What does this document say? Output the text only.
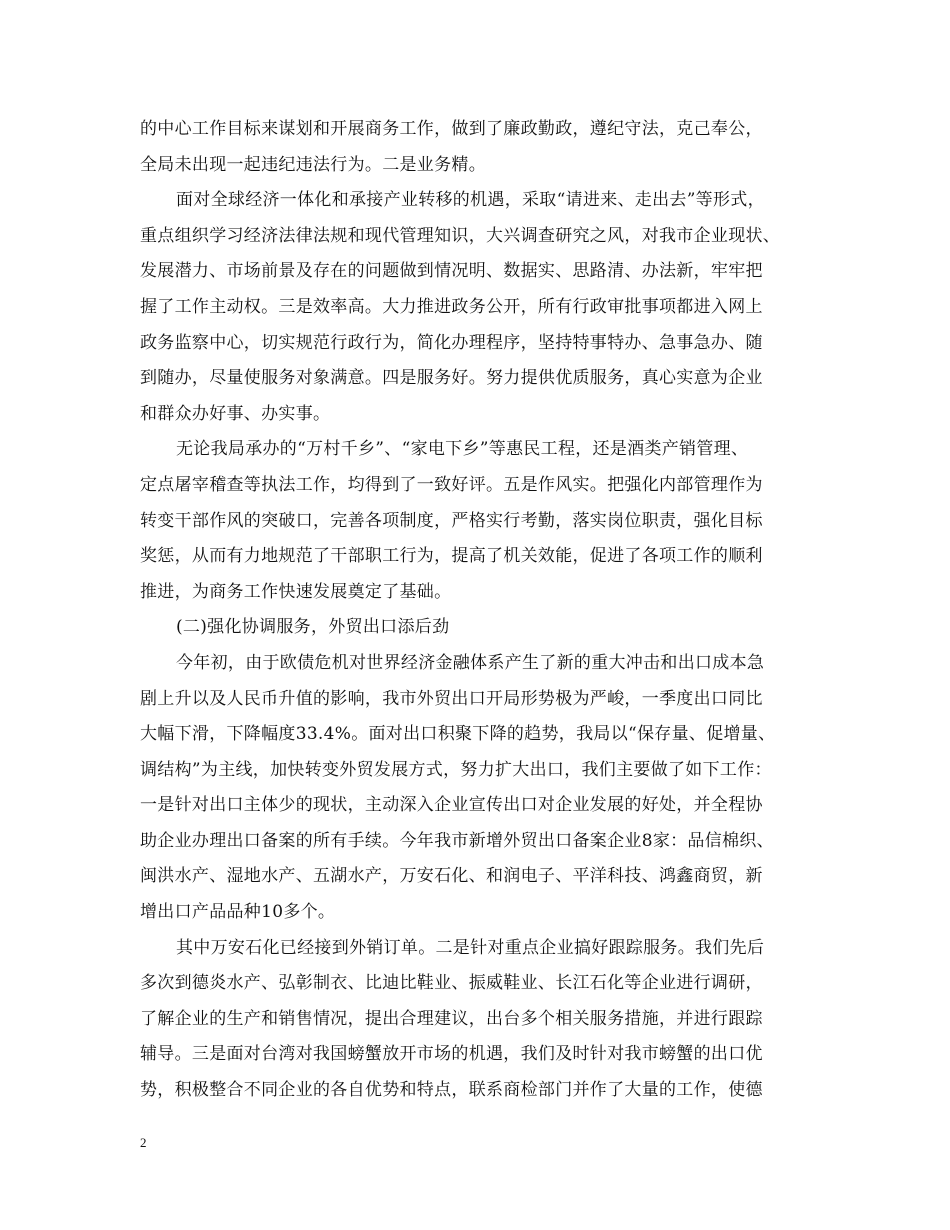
的中心工作目标来谋划和开展商务工作，做到了廉政勤政，遵纪守法，克己奉公，
全局未出现一起违纪违法行为。二是业务精。
面对全球经济一体化和承接产业转移的机遇，采取“请进来、走出去”等形式，
重点组织学习经济法律法规和现代管理知识，大兴调查研究之风，对我市企业现状、
发展潜力、市场前景及存在的问题做到情况明、数据实、思路清、办法新，牢牢把
握了工作主动权。三是效率高。大力推进政务公开，所有行政审批事项都进入网上
政务监察中心，切实规范行政行为，简化办理程序，坚持特事特办、急事急办、随
到随办，尽量使服务对象满意。四是服务好。努力提供优质服务，真心实意为企业
和群众办好事、办实事。
无论我局承办的“万村千乡”、“家电下乡”等惠民工程，还是酒类产销管理、
定点屠宰稽查等执法工作，均得到了一致好评。五是作风实。把强化内部管理作为
转变干部作风的突破口，完善各项制度，严格实行考勤，落实岗位职责，强化目标
奖惩，从而有力地规范了干部职工行为，提高了机关效能，促进了各项工作的顺利
推进，为商务工作快速发展奠定了基础。
(二)强化协调服务，外贸出口添后劲
今年初，由于欧债危机对世界经济金融体系产生了新的重大冲击和出口成本急
剧上升以及人民币升值的影响，我市外贸出口开局形势极为严峻，一季度出口同比
大幅下滑，下降幅度33.4%。面对出口积聚下降的趋势，我局以“保存量、促增量、
调结构”为主线，加快转变外贸发展方式，努力扩大出口，我们主要做了如下工作：
一是针对出口主体少的现状，主动深入企业宣传出口对企业发展的好处，并全程协
助企业办理出口备案的所有手续。今年我市新增外贸出口备案企业8家：品信棉织、
闽洪水产、湿地水产、五湖水产，万安石化、和润电子、平洋科技、鸿鑫商贸，新
增出口产品品种10多个。
其中万安石化已经接到外销订单。二是针对重点企业搞好跟踪服务。我们先后
多次到德炎水产、弘彰制衣、比迪比鞋业、振威鞋业、长江石化等企业进行调研，
了解企业的生产和销售情况，提出合理建议，出台多个相关服务措施，并进行跟踪
辅导。三是面对台湾对我国螃蟹放开市场的机遇，我们及时针对我市螃蟹的出口优
势，积极整合不同企业的各自优势和特点，联系商检部门并作了大量的工作，使德
2
